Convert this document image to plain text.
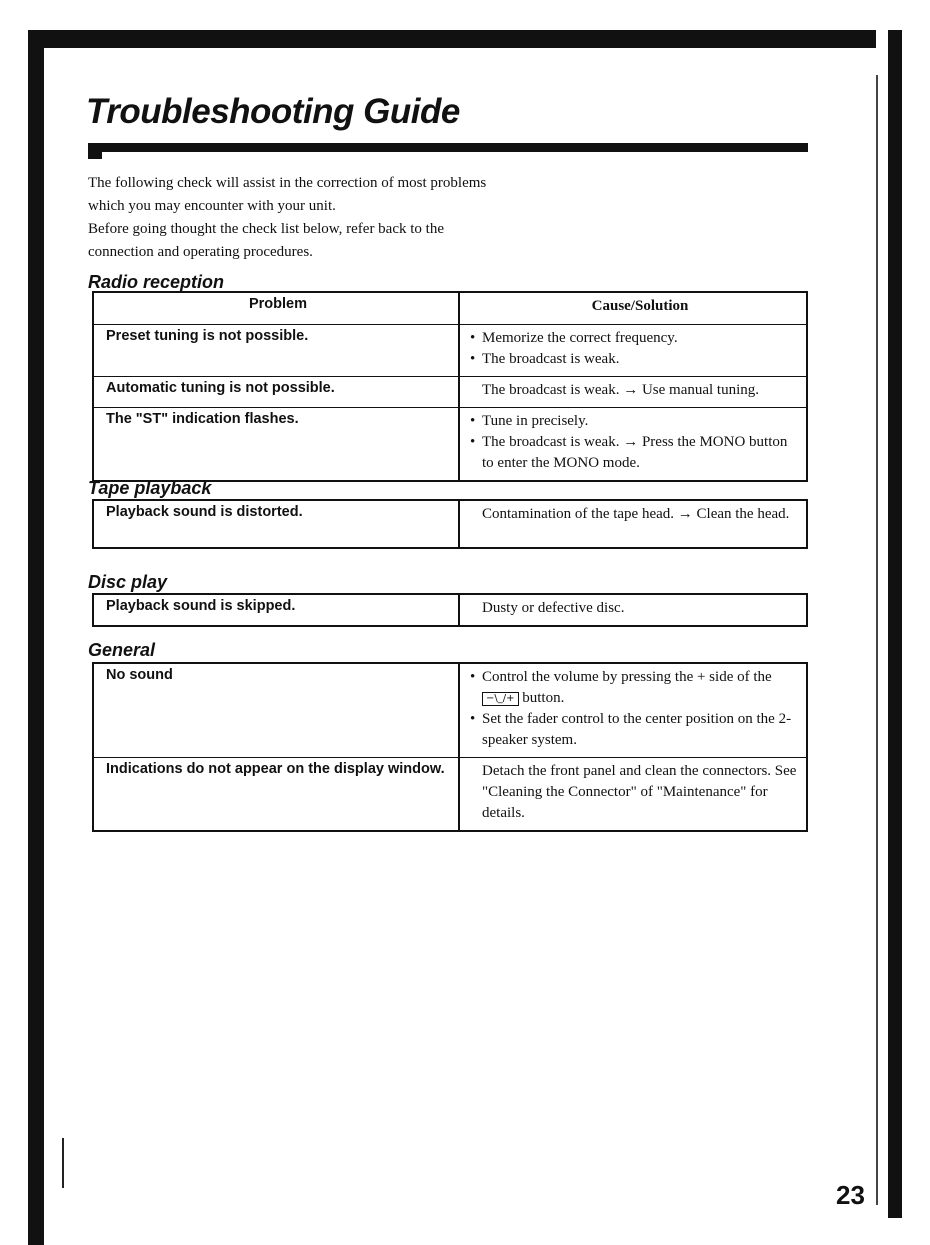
Troubleshooting Guide
The following check will assist in the correction of most problems
which you may encounter with your unit.
Before going thought the check list below, refer back to the
connection and operating procedures.
Radio reception
Problem	Cause/Solution
Preset tuning is not possible.	• Memorize the correct frequency.
• The broadcast is weak.

Automatic tuning is not possible.	The broadcast is weak. → Use manual tuning.

The "ST" indication flashes.	• Tune in precisely.
• The broadcast is weak. → Press the MONO button to enter the MONO mode.
Tape playback
Playback sound is distorted.	Contamination of the tape head. → Clean the head.
Disc play
Playback sound is skipped.	Dusty or defective disc.
General
No sound	• Control the volume by pressing the + side of the −\_/+ button.
• Set the fader control to the center position on the 2-speaker system.

Indications do not appear on the display window.	Detach the front panel and clean the connectors. See "Cleaning the Connector" of "Maintenance" for details.

23
